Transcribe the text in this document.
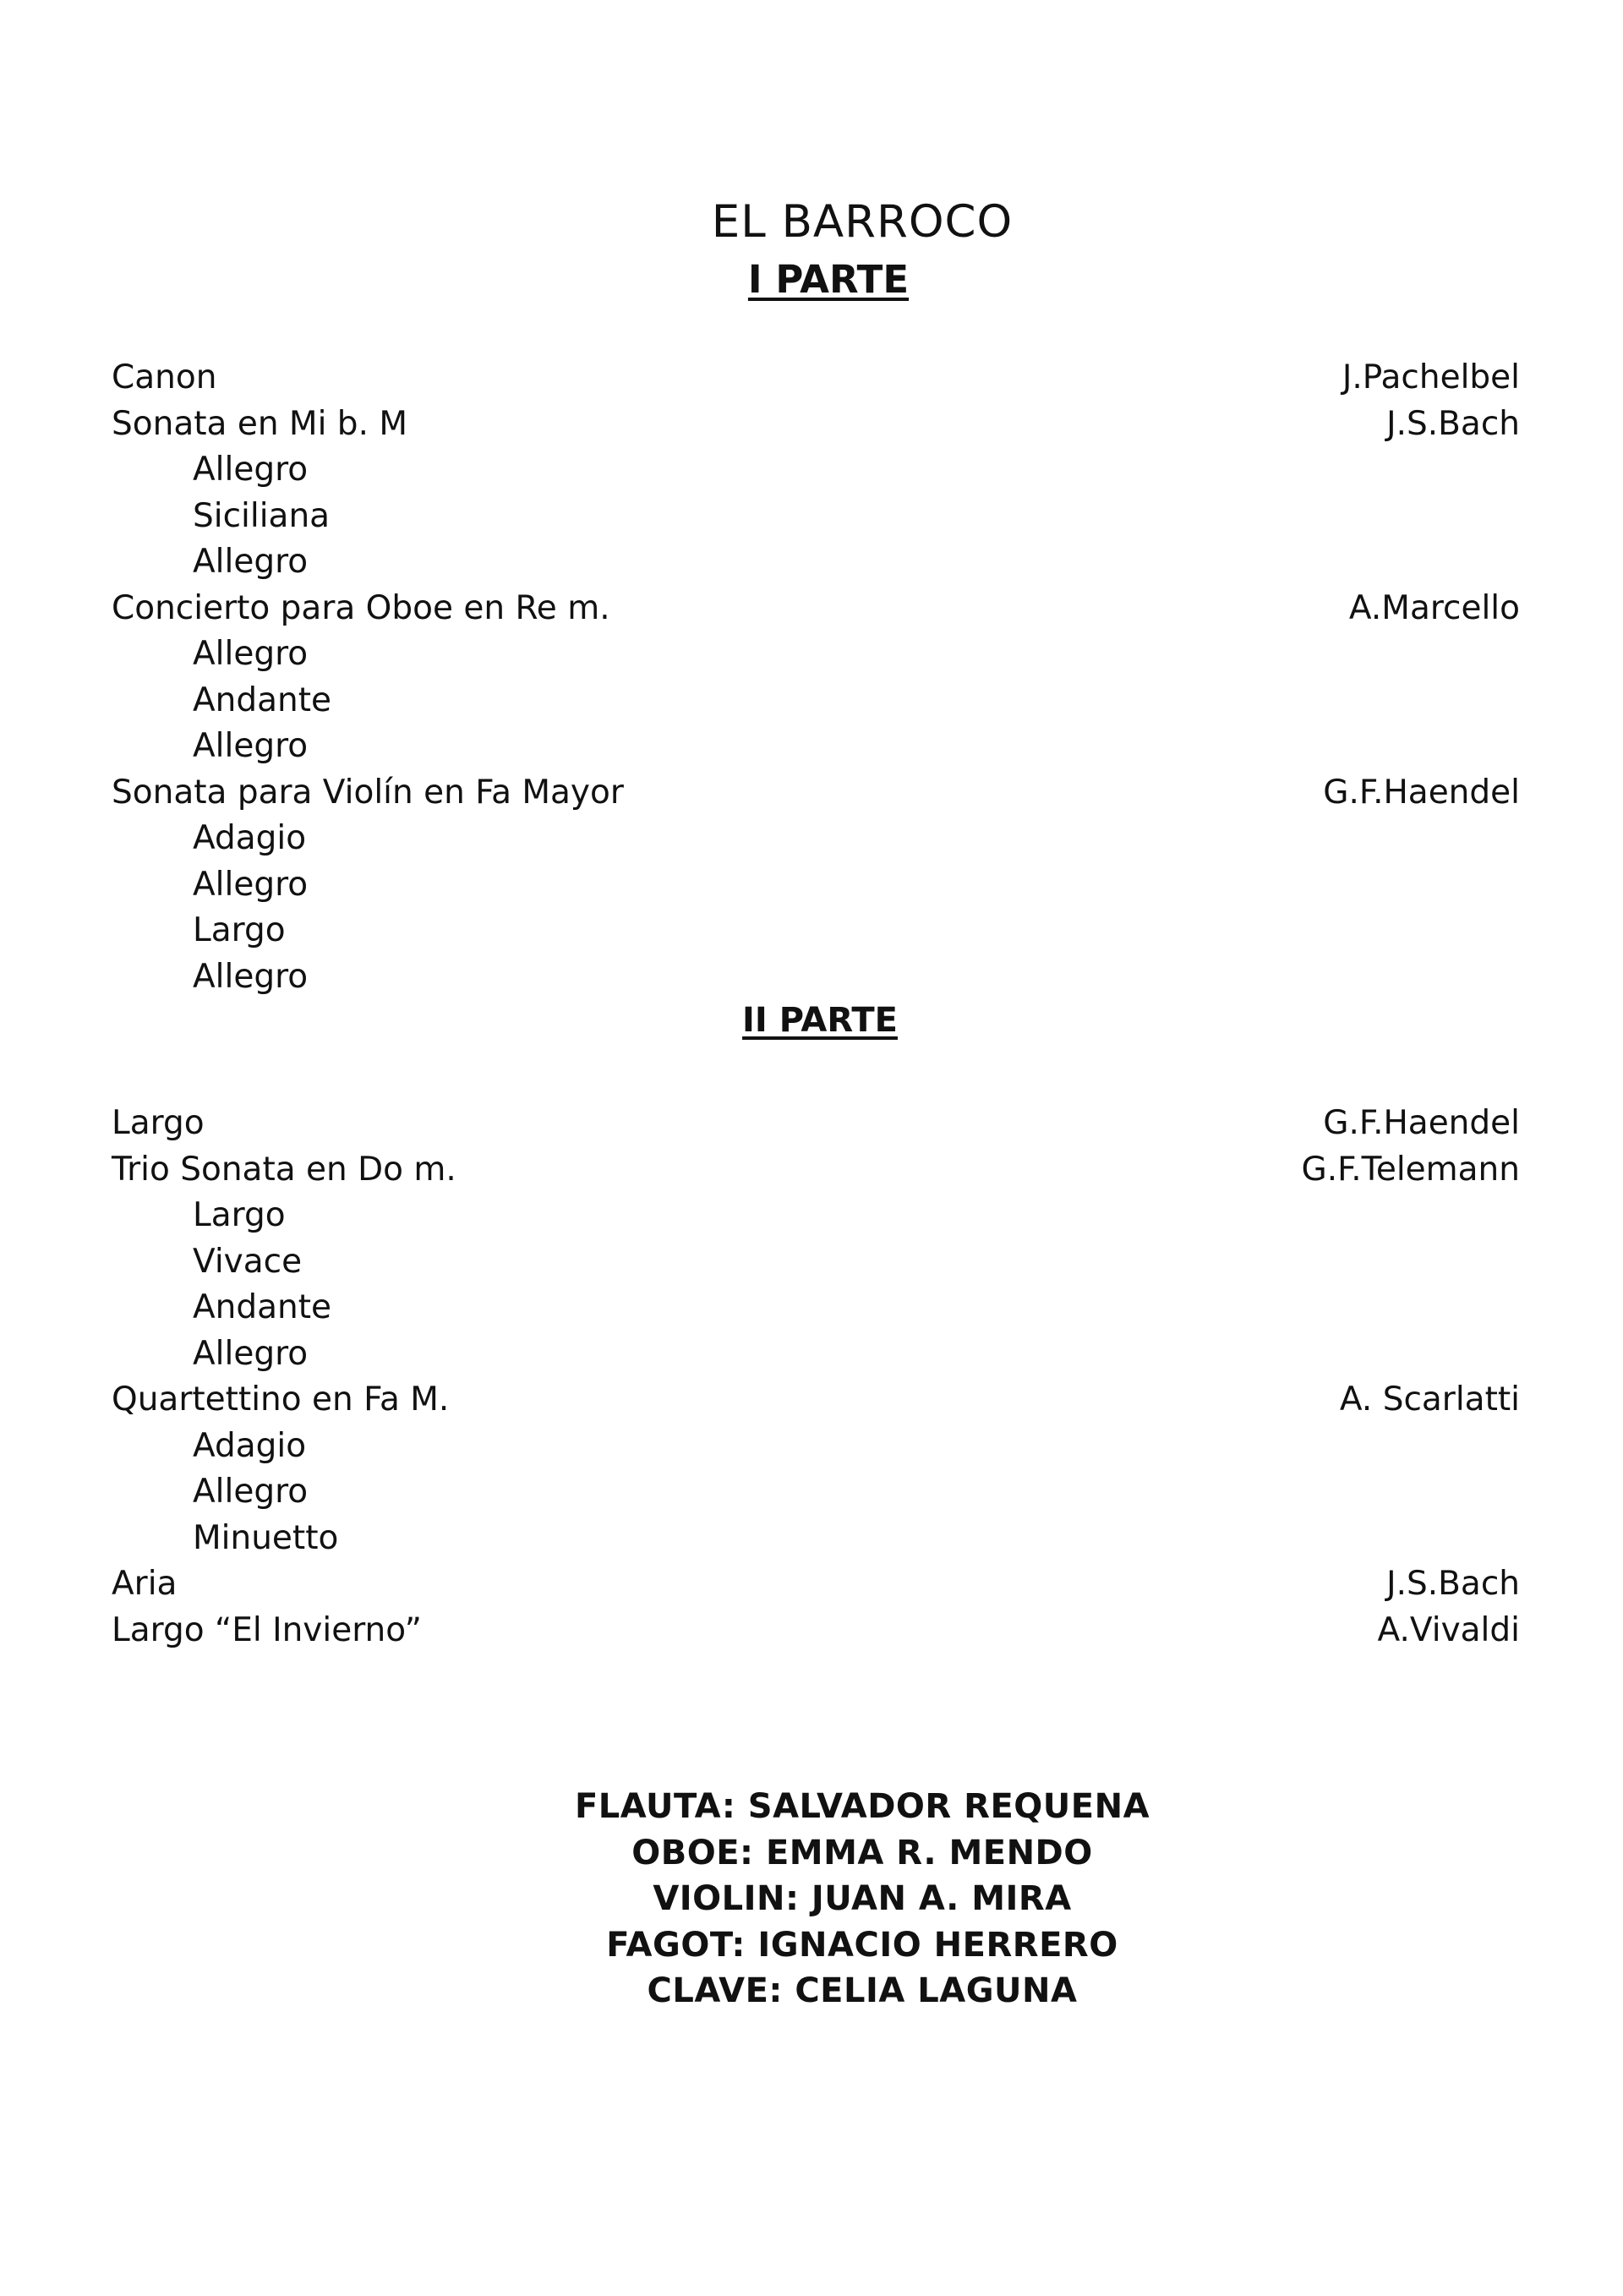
EL BARROCO
I PARTE
Canon	J.Pachelbel
Sonata en Mi b. M	J.S.Bach
Allegro
Siciliana
Allegro
Concierto para Oboe en Re m.	A.Marcello
Allegro
Andante
Allegro
Sonata para Violín en Fa Mayor	G.F.Haendel
Adagio
Allegro
Largo
Allegro
II PARTE
Largo	G.F.Haendel
Trio Sonata en Do m.	G.F.Telemann
Largo
Vivace
Andante
Allegro
Quartettino en Fa M.	A. Scarlatti
Adagio
Allegro
Minuetto
Aria	J.S.Bach
Largo “El Invierno”	A.Vivaldi
FLAUTA: SALVADOR REQUENA
OBOE: EMMA R. MENDO
VIOLIN: JUAN A. MIRA
FAGOT: IGNACIO HERRERO
CLAVE: CELIA LAGUNA
